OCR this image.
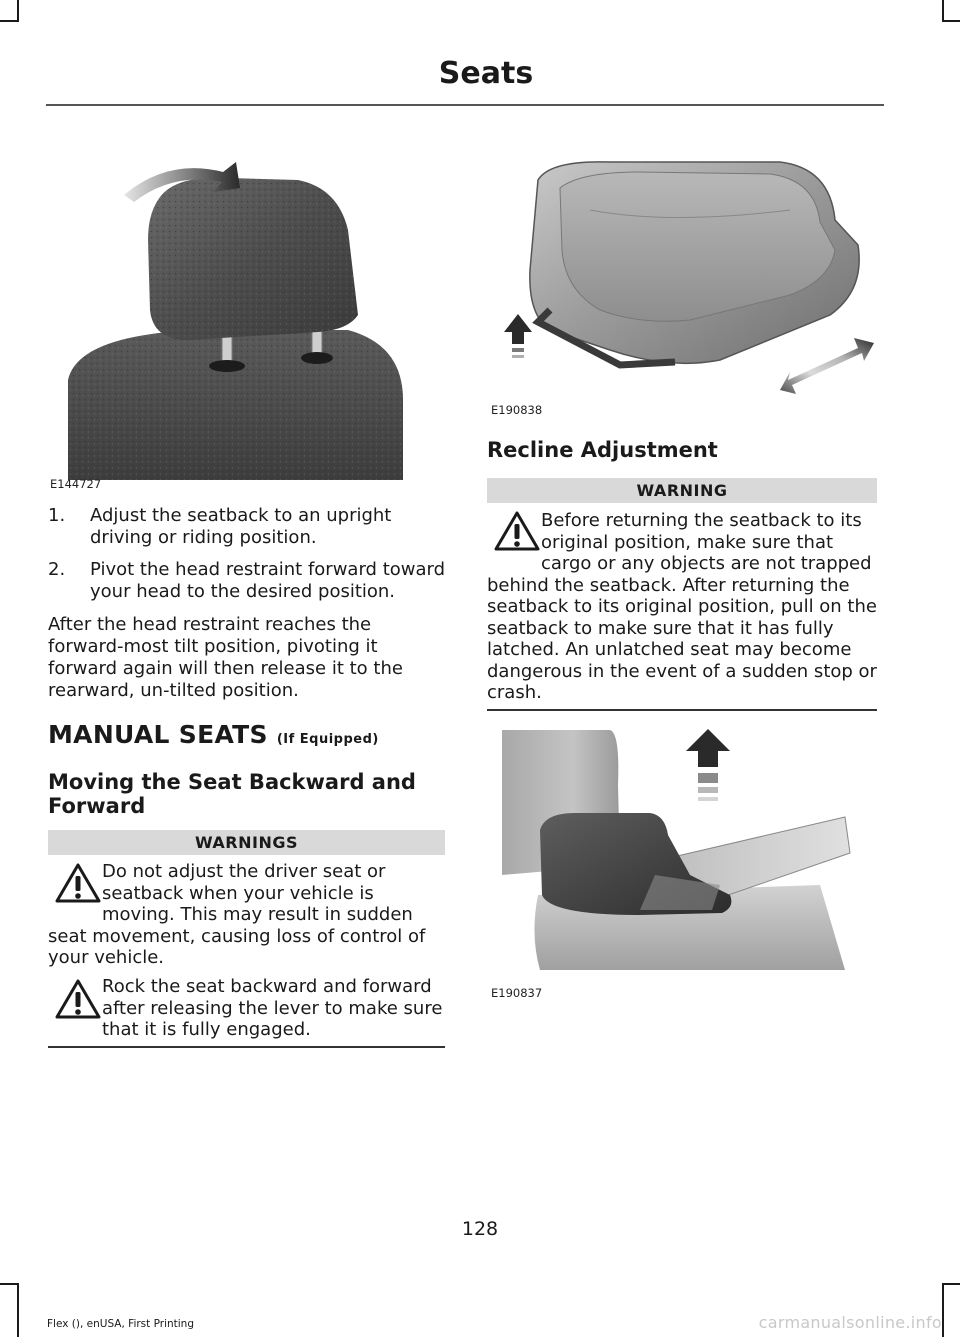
Seats
E144727
E190838
1. Adjust the seatback to an upright driving or riding position.
2. Pivot the head restraint forward toward your head to the desired position.
After the head restraint reaches the forward-most tilt position, pivoting it forward again will then release it to the rearward, un-tilted position.
MANUAL SEATS (If Equipped)
Moving the Seat Backward and Forward
WARNINGS
Do not adjust the driver seat or
seatback when your vehicle is
moving. This may result in sudden
seat movement, causing loss of control of your vehicle.
Rock the seat backward and forward
after releasing the lever to make sure
that it is fully engaged.
Recline Adjustment
WARNING
Before returning the seatback to its
original position, make sure that
cargo or any objects are not trapped
behind the seatback. After returning the seatback to its original position, pull on the seatback to make sure that it has fully latched. An unlatched seat may become dangerous in the event of a sudden stop or crash.
E190837
128
Flex (), enUSA, First Printing	carmanualsonline.info
